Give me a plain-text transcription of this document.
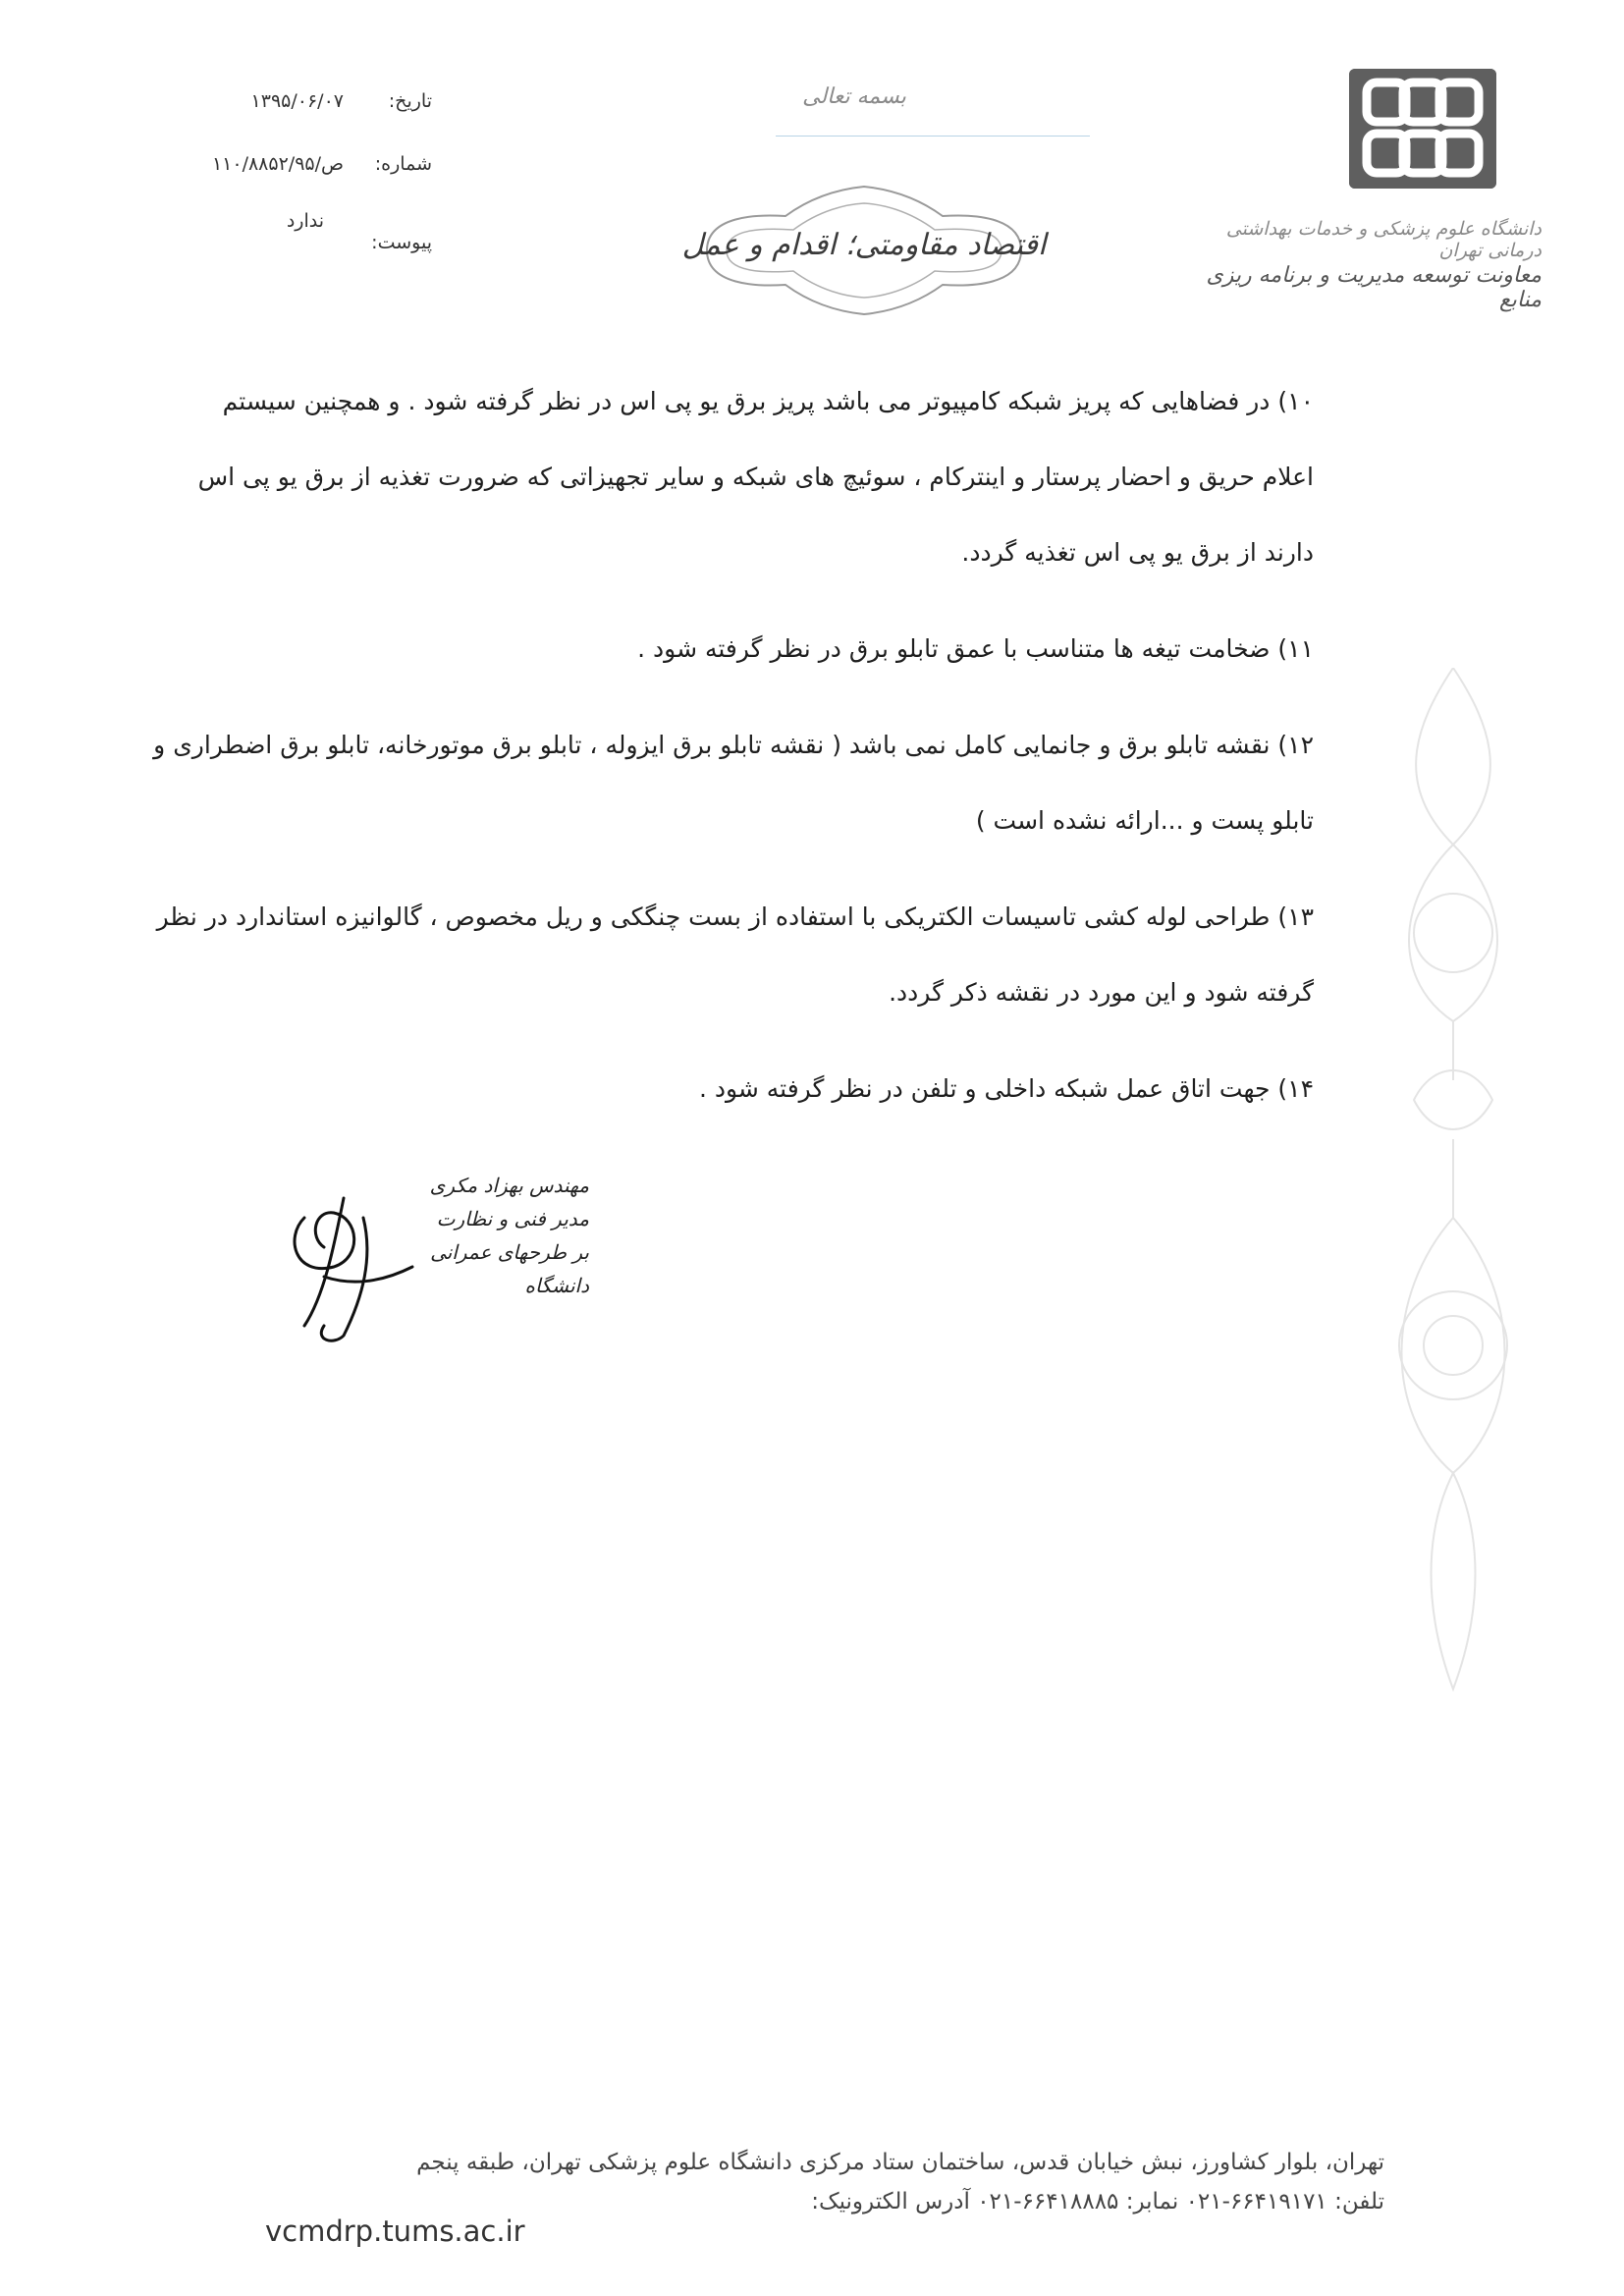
دانشگاه علوم پزشکی و خدمات بهداشتی درمانی تهران
معاونت توسعه مدیریت و برنامه ریزی منابع
بسمه تعالی
اقتصاد مقاومتی؛ اقدام و عمل
تاریخ:
۱۳۹۵/۰۶/۰۷
شماره:
۱۱۰/۸۸۵۲/ص/۹۵
پیوست:
ندارد
۱۰) در فضاهایی که پریز شبکه کامپیوتر می باشد پریز برق یو پی اس در نظر گرفته شود . و همچنین سیستم
اعلام حریق و احضار پرستار و اینترکام ، سوئیچ های شبکه و سایر تجهیزاتی که ضرورت تغذیه از برق یو پی اس
دارند از برق یو پی اس تغذیه گردد.
۱۱) ضخامت تیغه ها متناسب با عمق تابلو برق در نظر گرفته شود .
۱۲) نقشه تابلو برق و جانمایی کامل نمی باشد ( نقشه تابلو برق ایزوله ، تابلو برق موتورخانه، تابلو برق اضطراری و
تابلو پست و ...ارائه نشده است )
۱۳) طراحی لوله کشی تاسیسات الکتریکی با استفاده از بست چنگکی و ریل مخصوص ، گالوانیزه استاندارد در نظر
گرفته شود و این مورد در نقشه ذکر گردد.
۱۴) جهت اتاق عمل شبکه داخلی و تلفن در نظر گرفته شود .
مهندس بهزاد مکری
مدیر فنی و نظارت
بر طرحهای عمرانی دانشگاه
تهران، بلوار کشاورز، نبش خیابان قدس، ساختمان ستاد مرکزی دانشگاه علوم پزشکی تهران، طبقه پنجم
تلفن: ۶۶۴۱۹۱۷۱-۰۲۱ نمابر: ۶۶۴۱۸۸۸۵-۰۲۱ آدرس الکترونیک:
vcmdrp.tums.ac.ir
